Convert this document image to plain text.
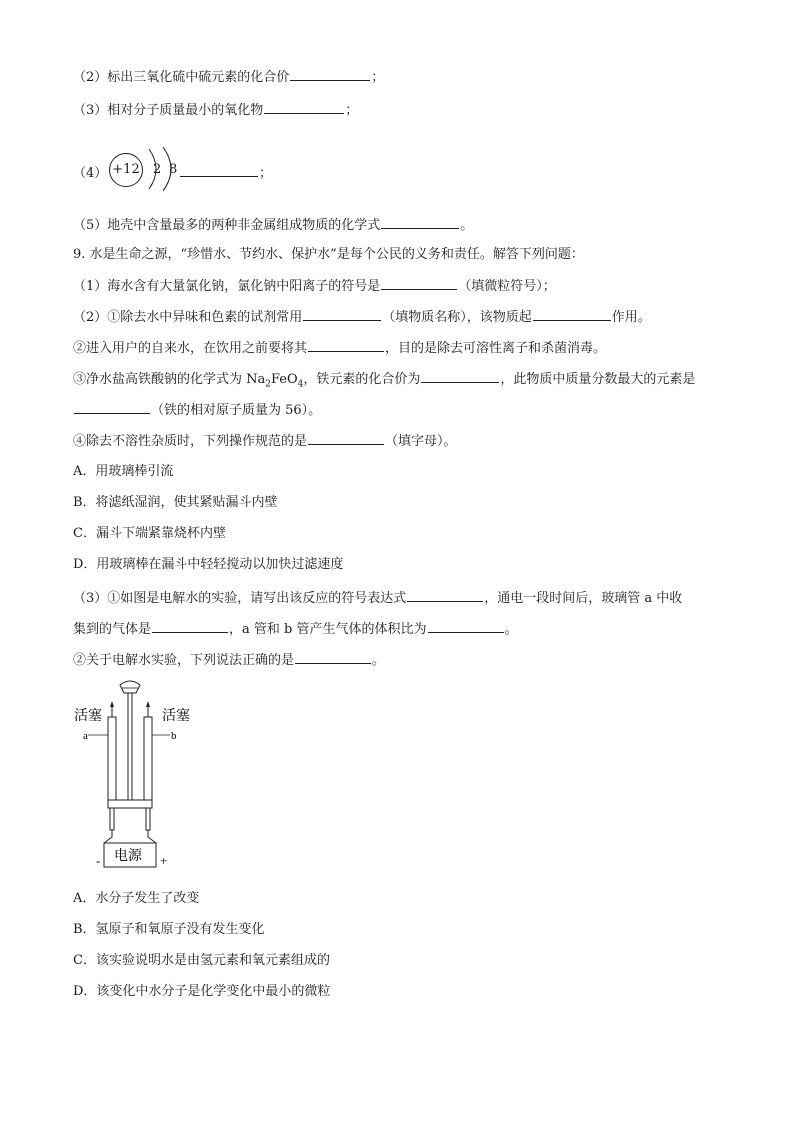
（2）标出三氧化硫中硫元素的化合价	；
（3）相对分子质量最小的氧化物	；
（4） +12 2 8	；
（5）地壳中含量最多的两种非金属组成物质的化学式	。
9. 水是生命之源，“珍惜水、节约水、保护水”是每个公民的义务和责任。解答下列问题：
（1）海水含有大量氯化钠，氯化钠中阳离子的符号是	（填微粒符号）；
（2）①除去水中异味和色素的试剂常用	（填物质名称），该物质起	作用。
②进入用户的自来水，在饮用之前要将其	，目的是除去可溶性离子和杀菌消毒。
③净水盐高铁酸钠的化学式为 $Na_2FeO_4$，铁元素的化合价为	，此物质中质量分数最大的元素是
（铁的相对原子质量为 56）。
④除去不溶性杂质时，下列操作规范的是	（填字母）。
A．用玻璃棒引流
B．将滤纸湿润，使其紧贴漏斗内壁
C．漏斗下端紧靠烧杯内壁
D．用玻璃棒在漏斗中轻轻搅动以加快过滤速度
（3）①如图是电解水的实验，请写出该反应的符号表达式	，通电一段时间后，玻璃管 a 中收
集到的气体是	，a 管和 b 管产生气体的体积比为	。
②关于电解水实验，下列说法正确的是	。
活塞	活塞
a	b
电源
-	+
A．水分子发生了改变
B．氢原子和氧原子没有发生变化
C．该实验说明水是由氢元素和氧元素组成的
D．该变化中水分子是化学变化中最小的微粒
